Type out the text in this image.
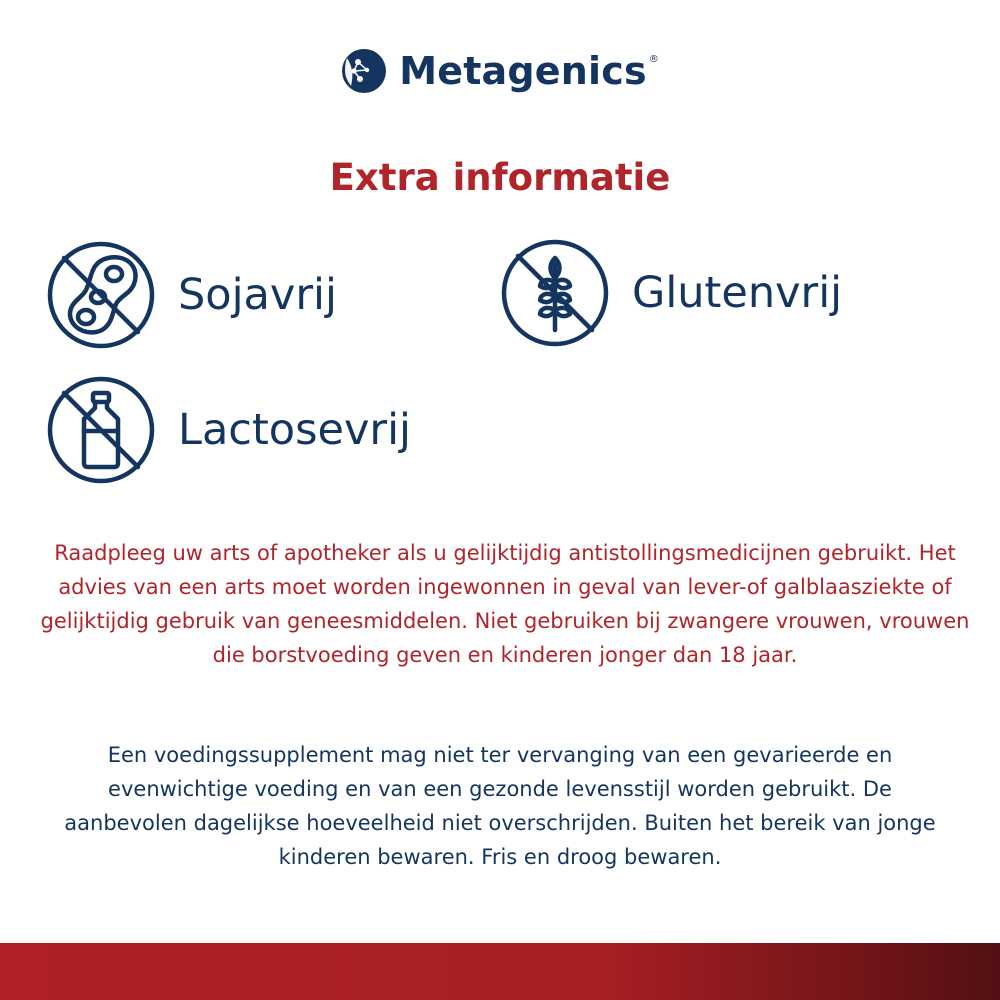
Metagenics ®
Extra informatie
Sojavrij	Glutenvrij
Lactosevrij

Raadpleeg uw arts of apotheker als u gelijktijdig antistollingsmedicijnen gebruikt. Het advies van een arts moet worden ingewonnen in geval van lever-of galblaasziekte of gelijktijdig gebruik van geneesmiddelen. Niet gebruiken bij zwangere vrouwen, vrouwen die borstvoeding geven en kinderen jonger dan 18 jaar.

Een voedingssupplement mag niet ter vervanging van een gevarieerde en evenwichtige voeding en van een gezonde levensstijl worden gebruikt. De aanbevolen dagelijkse hoeveelheid niet overschrijden. Buiten het bereik van jonge kinderen bewaren. Fris en droog bewaren.
